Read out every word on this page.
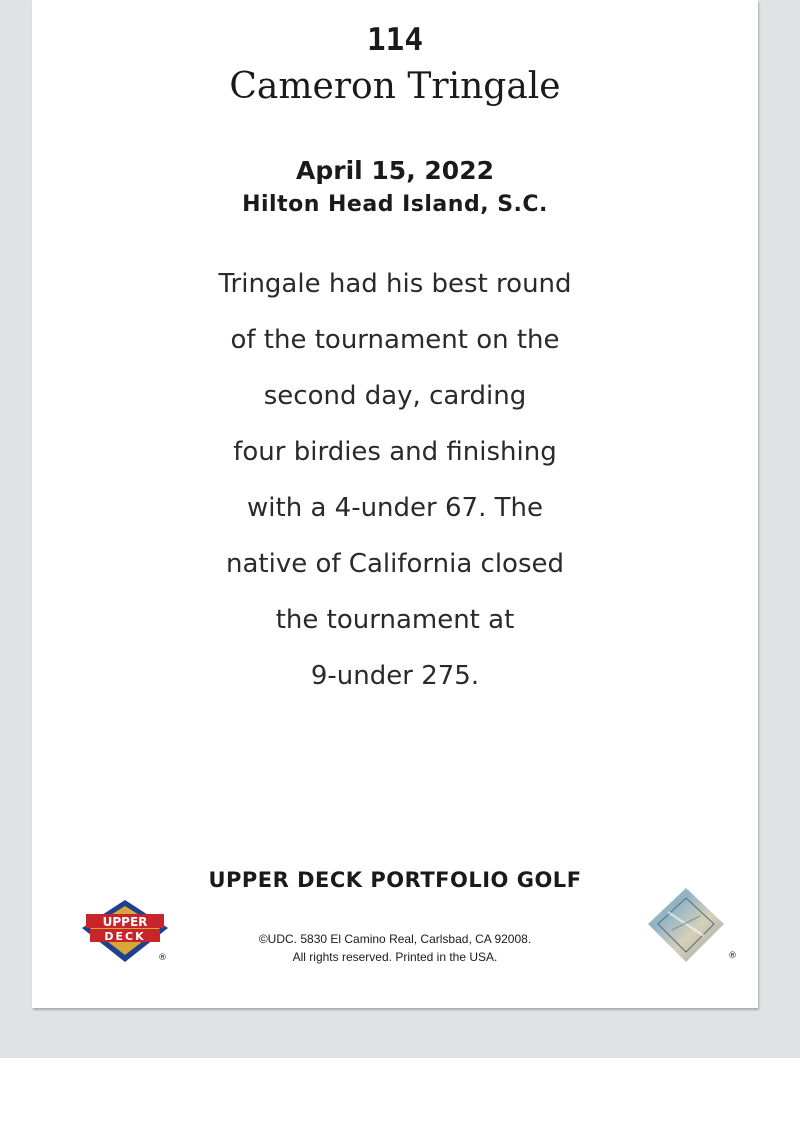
114
Cameron Tringale
April 15, 2022
Hilton Head Island, S.C.
Tringale had his best round
of the tournament on the
second day, carding
four birdies and finishing
with a 4-under 67. The
native of California closed
the tournament at
9-under 275.
UPPER DECK PORTFOLIO GOLF
©UDC. 5830 El Camino Real, Carlsbad, CA 92008.
All rights reserved. Printed in the USA.
UPPER
DECK
®	®
